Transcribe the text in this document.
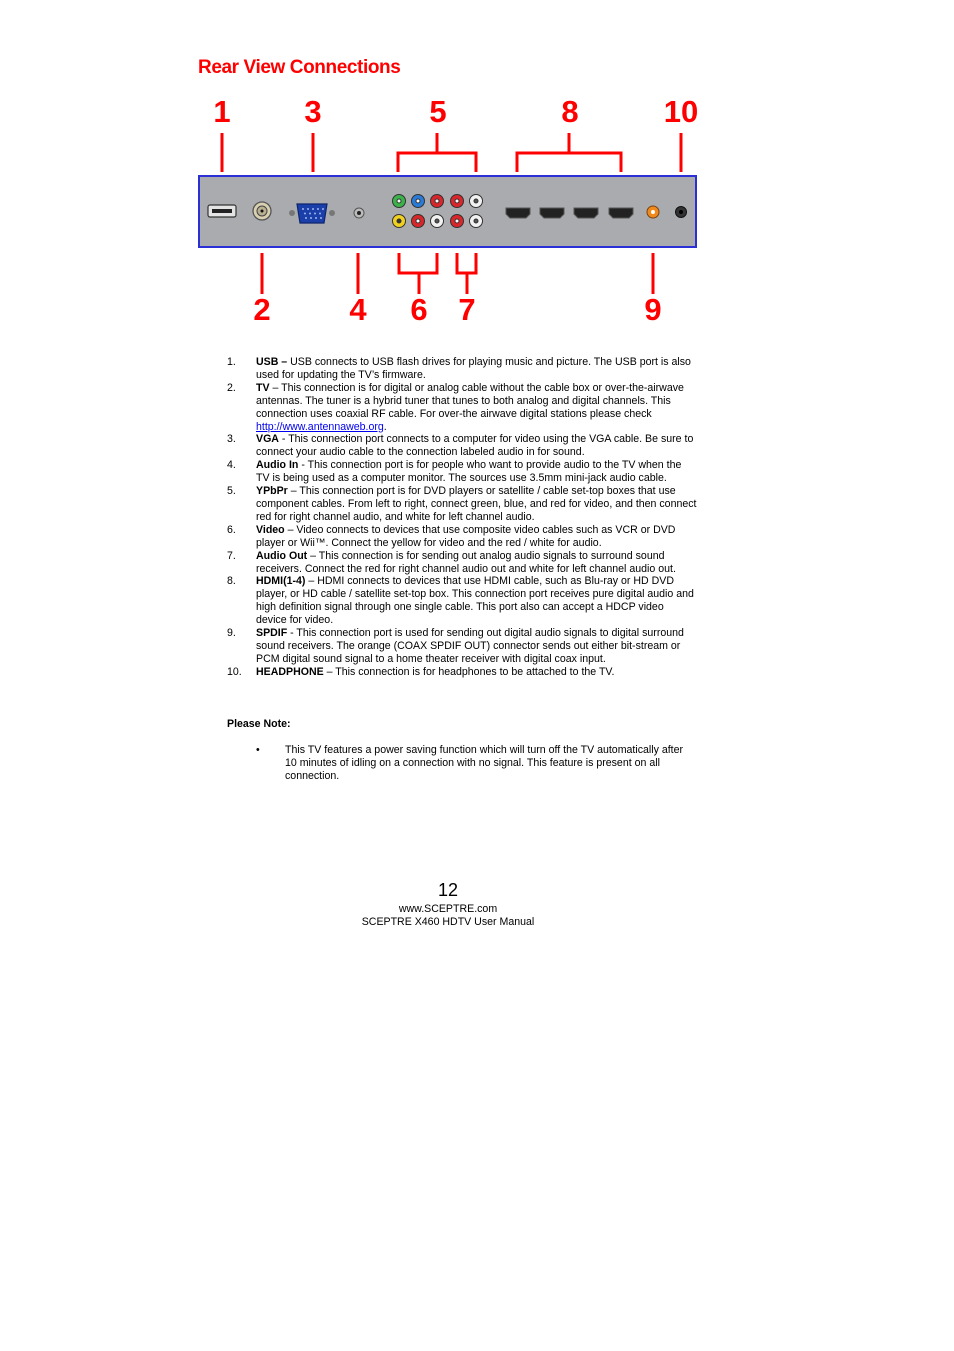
Rear View Connections
1 3	5	8	10
2	4 6 7	9
1. USB – USB connects to USB flash drives for playing music and picture. The USB port is also used for updating the TV’s firmware.
2. TV – This connection is for digital or analog cable without the cable box or over-the-airwave antennas. The tuner is a hybrid tuner that tunes to both analog and digital channels. This connection uses coaxial RF cable. For over-the airwave digital stations please check http://www.antennaweb.org.
3. VGA - This connection port connects to a computer for video using the VGA cable. Be sure to connect your audio cable to the connection labeled audio in for sound.
4. Audio In - This connection port is for people who want to provide audio to the TV when the TV is being used as a computer monitor. The sources use 3.5mm mini-jack audio cable.
5. YPbPr – This connection port is for DVD players or satellite / cable set-top boxes that use component cables. From left to right, connect green, blue, and red for video, and then connect red for right channel audio, and white for left channel audio.
6. Video – Video connects to devices that use composite video cables such as VCR or DVD player or Wii™. Connect the yellow for video and the red / white for audio.
7. Audio Out – This connection is for sending out analog audio signals to surround sound receivers. Connect the red for right channel audio out and white for left channel audio out.
8. HDMI(1-4) – HDMI connects to devices that use HDMI cable, such as Blu-ray or HD DVD player, or HD cable / satellite set-top box. This connection port receives pure digital audio and high definition signal through one single cable. This port also can accept a HDCP video device for video.
9. SPDIF - This connection port is used for sending out digital audio signals to digital surround sound receivers. The orange (COAX SPDIF OUT) connector sends out either bit-stream or PCM digital sound signal to a home theater receiver with digital coax input.
10. HEADPHONE – This connection is for headphones to be attached to the TV.

Please Note:

• This TV features a power saving function which will turn off the TV automatically after 10 minutes of idling on a connection with no signal. This feature is present on all connection.
12
www.SCEPTRE.com
SCEPTRE X460 HDTV User Manual
